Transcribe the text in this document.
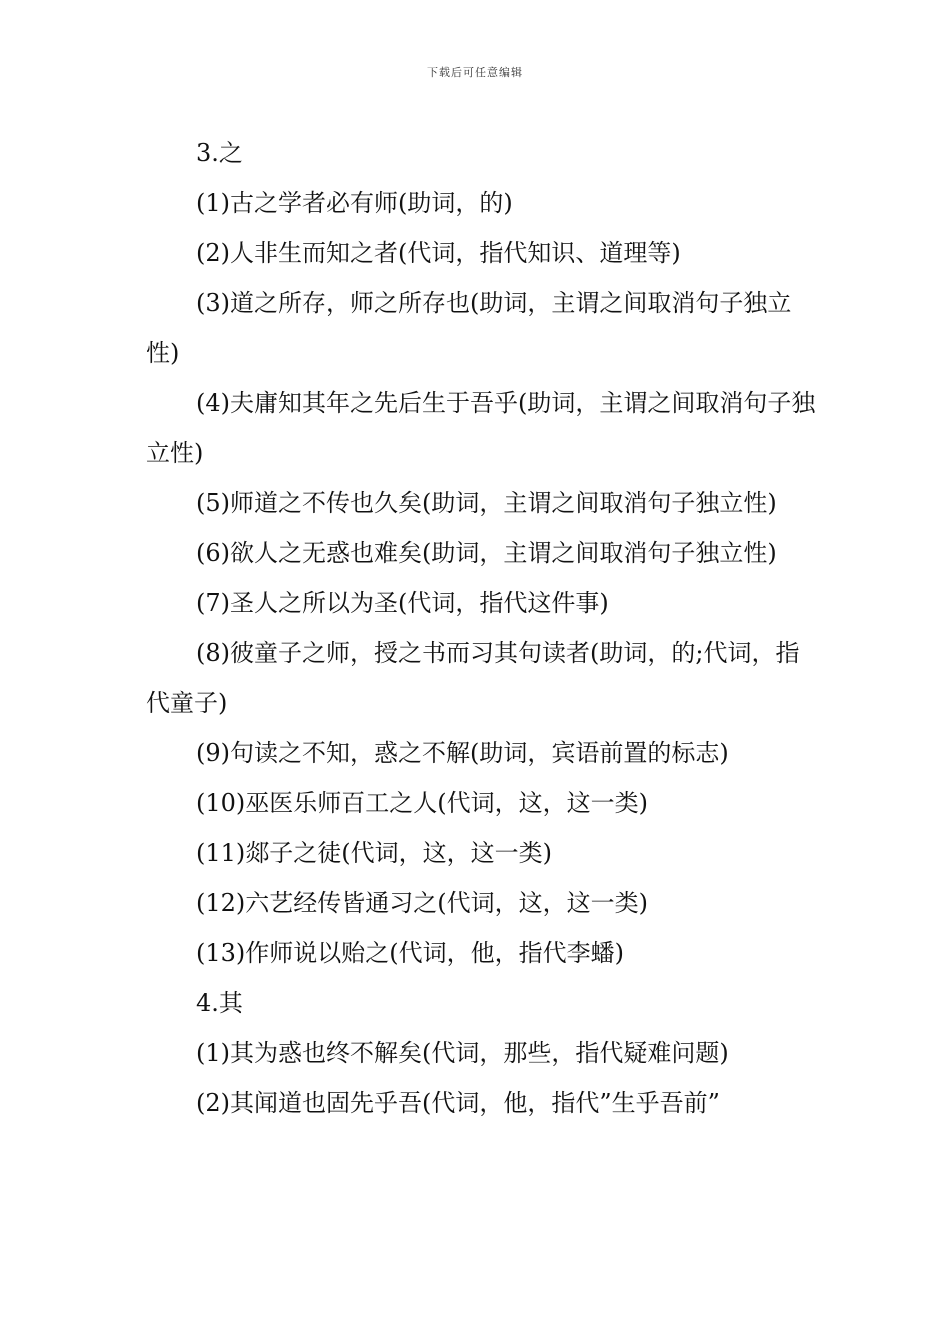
下载后可任意编辑

3.之

(1)古之学者必有师(助词，的)

(2)人非生而知之者(代词，指代知识、道理等)

(3)道之所存，师之所存也(助词，主谓之间取消句子独立性)

(4)夫庸知其年之先后生于吾乎(助词，主谓之间取消句子独立性)

(5)师道之不传也久矣(助词，主谓之间取消句子独立性)

(6)欲人之无惑也难矣(助词，主谓之间取消句子独立性)

(7)圣人之所以为圣(代词，指代这件事)

(8)彼童子之师，授之书而习其句读者(助词，的;代词，指代童子)

(9)句读之不知，惑之不解(助词，宾语前置的标志)

(10)巫医乐师百工之人(代词，这，这一类)

(11)郯子之徒(代词，这，这一类)

(12)六艺经传皆通习之(代词，这，这一类)

(13)作师说以贻之(代词，他，指代李蟠)

4.其

(1)其为惑也终不解矣(代词，那些，指代疑难问题)

(2)其闻道也固先乎吾(代词，他，指代”生乎吾前”
